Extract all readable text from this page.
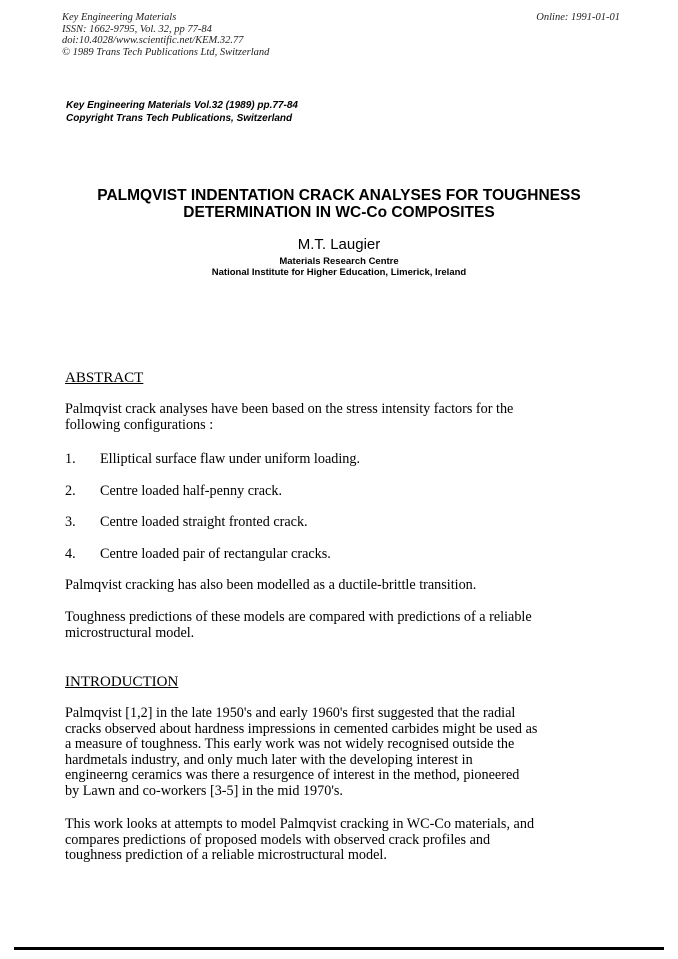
Key Engineering Materials
ISSN: 1662-9795, Vol. 32, pp 77-84
doi:10.4028/www.scientific.net/KEM.32.77
© 1989 Trans Tech Publications Ltd, Switzerland
Online: 1991-01-01
Key Engineering Materials Vol.32 (1989) pp.77-84
Copyright Trans Tech Publications, Switzerland
PALMQVIST INDENTATION CRACK ANALYSES FOR TOUGHNESS
DETERMINATION IN WC-Co COMPOSITES
M.T. Laugier
Materials Research Centre
National Institute for Higher Education, Limerick, Ireland
ABSTRACT
Palmqvist crack analyses have been based on the stress intensity factors for the
following configurations :
1. Elliptical surface flaw under uniform loading.
2. Centre loaded half-penny crack.
3. Centre loaded straight fronted crack.
4. Centre loaded pair of rectangular cracks.
Palmqvist cracking has also been modelled as a ductile-brittle transition.
Toughness predictions of these models are compared with predictions of a reliable
microstructural model.
INTRODUCTION
Palmqvist [1,2] in the late 1950's and early 1960's first suggested that the radial
cracks observed about hardness impressions in cemented carbides might be used as
a measure of toughness. This early work was not widely recognised outside the
hardmetals industry, and only much later with the developing interest in
engineerng ceramics was there a resurgence of interest in the method, pioneered
by Lawn and co-workers [3-5] in the mid 1970's.
This work looks at attempts to model Palmqvist cracking in WC-Co materials, and
compares predictions of proposed models with observed crack profiles and
toughness prediction of a reliable microstructural model.
